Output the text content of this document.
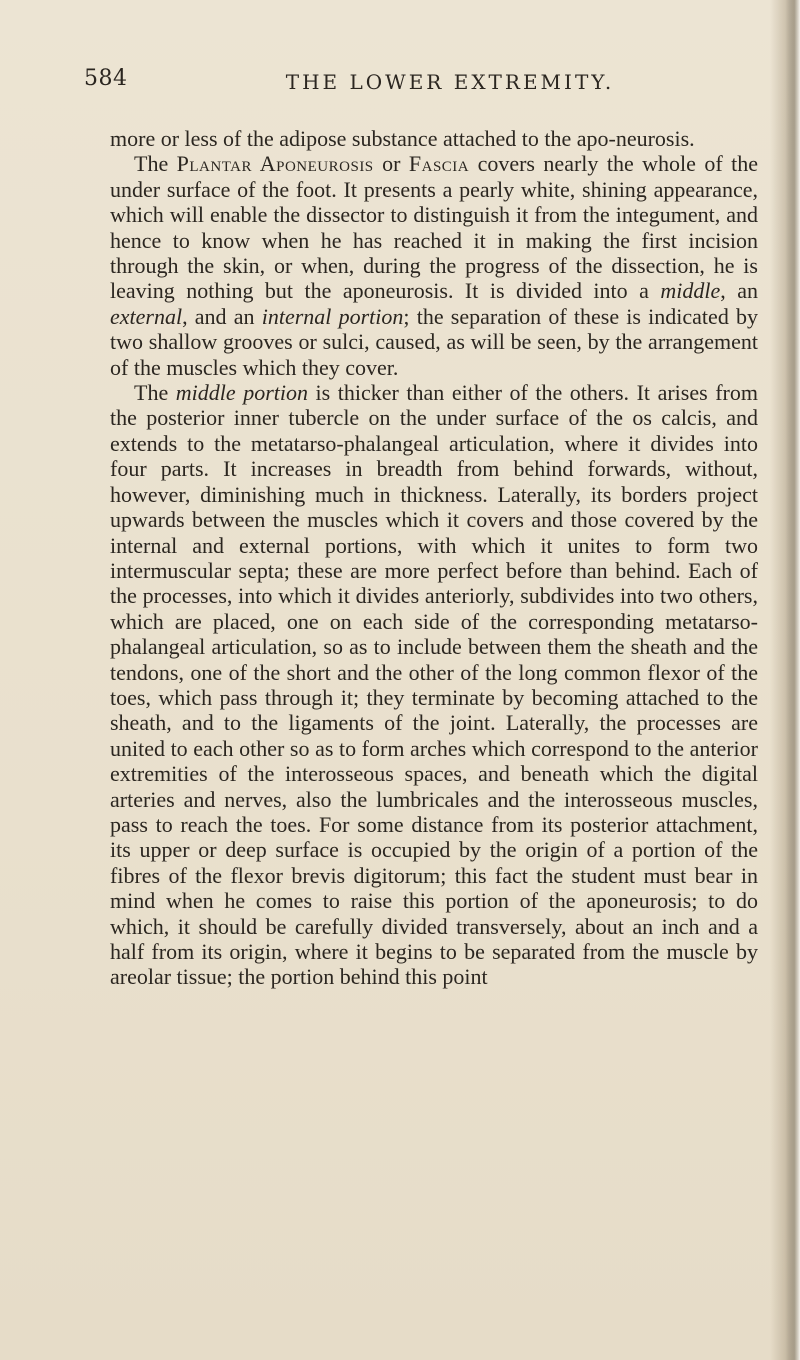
584	THE LOWER EXTREMITY.

more or less of the adipose substance attached to the apo-neurosis.

The Plantar Aponeurosis or Fascia covers nearly the whole of the under surface of the foot. It presents a pearly white, shining appearance, which will enable the dissector to distinguish it from the integument, and hence to know when he has reached it in making the first incision through the skin, or when, during the progress of the dissection, he is leaving nothing but the aponeurosis. It is divided into a middle, an external, and an internal portion; the separation of these is indicated by two shallow grooves or sulci, caused, as will be seen, by the arrangement of the muscles which they cover.

The middle portion is thicker than either of the others. It arises from the posterior inner tubercle on the under surface of the os calcis, and extends to the metatarso-phalangeal articulation, where it divides into four parts. It increases in breadth from behind forwards, without, however, diminishing much in thickness. Laterally, its borders project upwards between the muscles which it covers and those covered by the internal and external portions, with which it unites to form two intermuscular septa; these are more perfect before than behind. Each of the processes, into which it divides anteriorly, subdivides into two others, which are placed, one on each side of the corresponding metatarso-phalangeal articulation, so as to include between them the sheath and the tendons, one of the short and the other of the long common flexor of the toes, which pass through it; they terminate by becoming attached to the sheath, and to the ligaments of the joint. Laterally, the processes are united to each other so as to form arches which correspond to the anterior extremities of the interosseous spaces, and beneath which the digital arteries and nerves, also the lumbricales and the interosseous muscles, pass to reach the toes. For some distance from its posterior attachment, its upper or deep surface is occupied by the origin of a portion of the fibres of the flexor brevis digitorum; this fact the student must bear in mind when he comes to raise this portion of the aponeurosis; to do which, it should be carefully divided transversely, about an inch and a half from its origin, where it begins to be separated from the muscle by areolar tissue; the portion behind this point
